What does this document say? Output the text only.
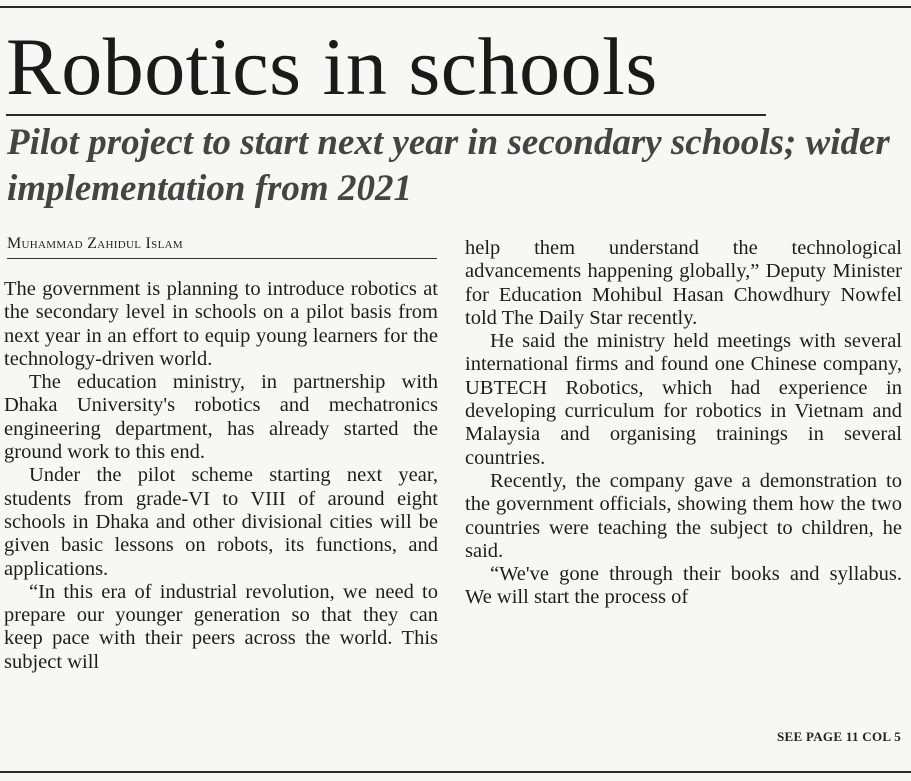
Robotics in schools
Pilot project to start next year in secondary schools; wider implementation from 2021
Muhammad Zahidul Islam

The government is planning to introduce robotics at the secondary level in schools on a pilot basis from next year in an effort to equip young learners for the technology-driven world.

The education ministry, in partnership with Dhaka University's robotics and mechatronics engineering department, has already started the ground work to this end.

Under the pilot scheme starting next year, students from grade-VI to VIII of around eight schools in Dhaka and other divisional cities will be given basic lessons on robots, its functions, and applications.

“In this era of industrial revolution, we need to prepare our younger generation so that they can keep pace with their peers across the world. This subject will

help them understand the technological advancements happening globally,” Deputy Minister for Education Mohibul Hasan Chowdhury Nowfel told The Daily Star recently.

He said the ministry held meetings with several international firms and found one Chinese company, UBTECH Robotics, which had experience in developing curriculum for robotics in Vietnam and Malaysia and organising trainings in several countries.

Recently, the company gave a demonstration to the government officials, showing them how the two countries were teaching the subject to children, he said.

“We've gone through their books and syllabus. We will start the process of

SEE PAGE 11 COL 5
